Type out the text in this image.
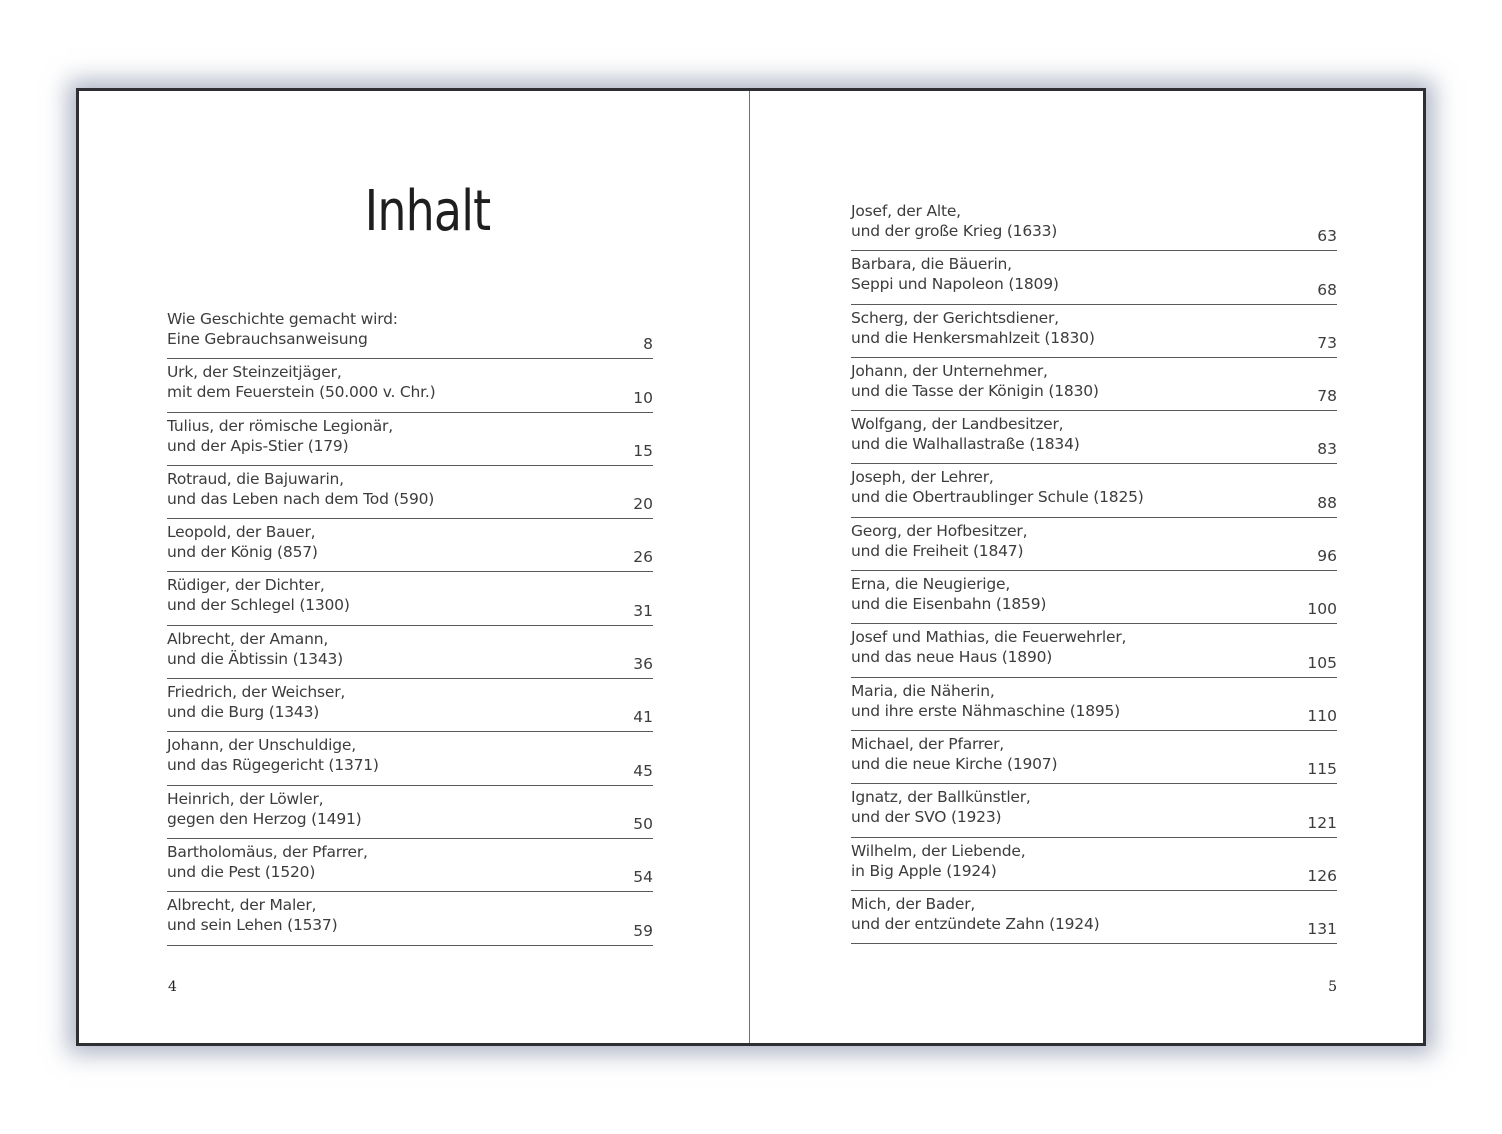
Inhalt
Wie Geschichte gemacht wird:
Eine Gebrauchsanweisung	8
Urk, der Steinzeitjäger,
mit dem Feuerstein (50.000 v. Chr.)	10
Tulius, der römische Legionär,
und der Apis-Stier (179)	15
Rotraud, die Bajuwarin,
und das Leben nach dem Tod (590)	20
Leopold, der Bauer,
und der König (857)	26
Rüdiger, der Dichter,
und der Schlegel (1300)	31
Albrecht, der Amann,
und die Äbtissin (1343)	36
Friedrich, der Weichser,
und die Burg (1343)	41
Johann, der Unschuldige,
und das Rügegericht (1371)	45
Heinrich, der Löwler,
gegen den Herzog (1491)	50
Bartholomäus, der Pfarrer,
und die Pest (1520)	54
Albrecht, der Maler,
und sein Lehen (1537)	59
4
Josef, der Alte,
und der große Krieg (1633)	63
Barbara, die Bäuerin,
Seppi und Napoleon (1809)	68
Scherg, der Gerichtsdiener,
und die Henkersmahlzeit (1830)	73
Johann, der Unternehmer,
und die Tasse der Königin (1830)	78
Wolfgang, der Landbesitzer,
und die Walhallastraße (1834)	83
Joseph, der Lehrer,
und die Obertraublinger Schule (1825)	88
Georg, der Hofbesitzer,
und die Freiheit (1847)	96
Erna, die Neugierige,
und die Eisenbahn (1859)	100
Josef und Mathias, die Feuerwehrler,
und das neue Haus (1890)	105
Maria, die Näherin,
und ihre erste Nähmaschine (1895)	110
Michael, der Pfarrer,
und die neue Kirche (1907)	115
Ignatz, der Ballkünstler,
und der SVO (1923)	121
Wilhelm, der Liebende,
in Big Apple (1924)	126
Mich, der Bader,
und der entzündete Zahn (1924)	131
5
